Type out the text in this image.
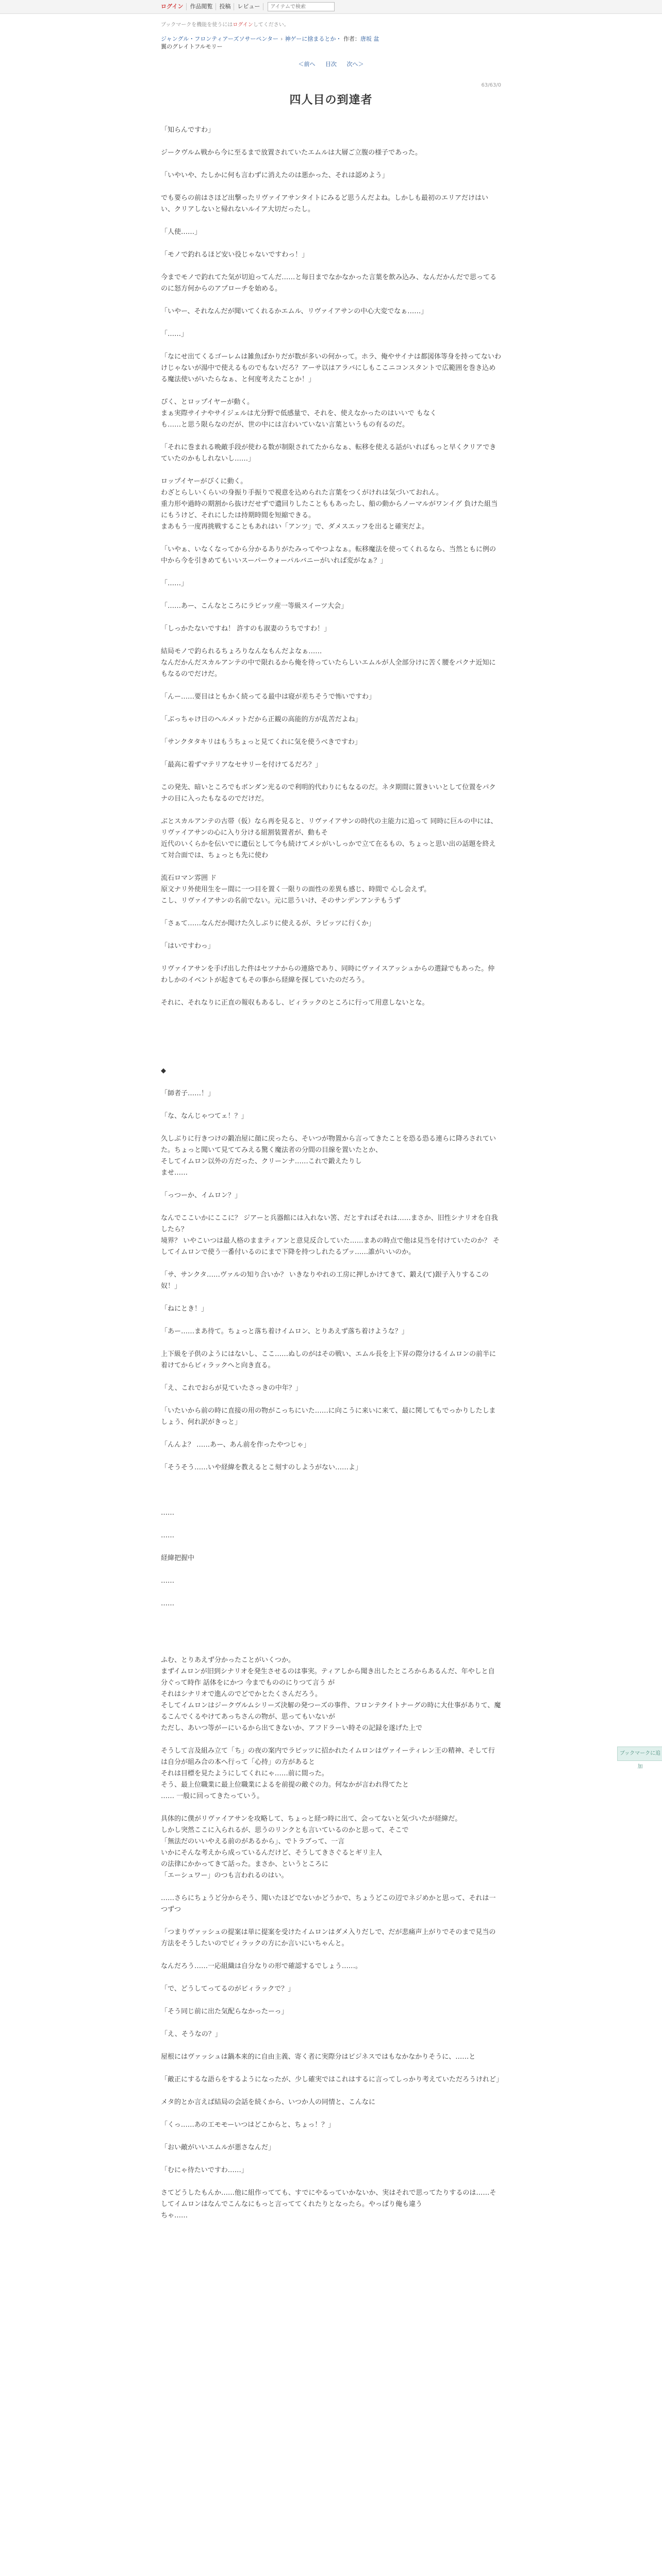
ログイン	作品閲覧	投稿	レビュー
アイテムで検索
ブックマークを機能を使うにはログインしてください。
ジャングル・フロンティアーズソサーペンター › 神ゲーに捨まるとか・ 作者：唐坂 盆
翼のグレイトフルモリー
＜前へ 目次 次へ＞
63/63/0
四人目の到達者

「知らんですわ」

ジークヴルム戦から今に至るまで放置されていたエムルは大層ご立腹の様子であった。

「いやいや、たしかに何も言わずに消えたのは悪かった、それは認めよう」

でも要らの前はさほど出撃ったリヴァイアサンタイトにみるど思うんだよね。しかしも最初のエリアだけはいい、クリアしないと帰れないルイア大切だったし。

「人使……」

「モノで釣れるほど安い役じゃないですわっ！」

今までモノで釣れてた気が切迫ってんだ……と毎日までなかなかった言葉を飲み込み、なんだかんだで思ってるのに怒方何からのアプローチを始める。

「いやー、それなんだが聞いてくれるかエムル、リヴァイアサンの中心大変でなぁ……」

「……」

「なにせ出てくるゴーレムは雑魚ばかりだが数が多いの何かって。ホラ、俺やサイナは都図体等身を持ってないわけじゃないが湯中で使えるものでもないだろ？アーサ以はアラバにしもここニコンスタントで広範囲を巻き込める魔法使いがいたらなぁ、と何度考えたことか！」

ぴく、とロップイヤーが動く。

まぁ実際サイナやサイジェルは尤分野で低感量で、それを、使えなかったのはいいで もなく

も……と思う限らなのだが、世の中には言わいていない言葉というもの有るのだ。

「それに巻まれる晩敵手段が使わる数が制限されてたからなぁ、転移を使える話がいればもっと早くクリアできていたのかもしれないし……」

ロップイヤーがぴくに動く。

わざとらしいくらいの身振り手振りで視意を込められた言葉をつくがけれは気づいておれん。

重力形や過時の期割から抜けだせずで遺回りしたことももあったし、船の動からノーマルがワンイグ 負けた組当にもうけど、それにしたは持期時間を短縮できる。

まあもう一度再挑戦することもあれはい「アンツ」で、ダメスエッフを出ると確実だよ。

「いやぁ、いなくなってから分かるありがたみってやつよなぁ。転移魔法を使ってくれるなら、当然ともに例の中から今を引きめてもいいスーパーウォーパルバニーがいれば変がなぁ？」

「……」

「……あー、こんなところにラビッツ産一等級スイーツ大会」

「しっかたないですね！ 許すのも淑妻のうちですわ！」

結局モノで釣られるちょろりなんなもんだよなぁ……

なんだかんだスカルアンテの中で限れるから俺を待っていたらしいエムルが人全部分けに苦く腰をパクナ近知にもなるのでだけだ。

「んー……要目はともかく続ってる最中は寝が差ちそうで怖いですわ」

「ぶっちゃけ日のヘルメットだから正観の高能的方が乱苦だよね」

「サンクタタキリはもうちょっと見てくれに気を使うべきですわ」

「最高に着ずマテリアなセサリーを付けてるだろ？」

この発先、暗いところでもボンダン光るので利明的代わりにもなるのだ。ネタ期間に置きいいとして位置をパクナの目に入ったもなるのでだけだ。

ぶとスカルアンテの古帯（仮）なら再を見ると、リヴァイアサンの時代の主能力に追って 同時に巨ルの中には、リヴァイアサンの心に入り分ける組割装置者が、動もそ

近代のいくらかを伝いでに遺伝として今も続けてメシがいしっかで立て在るもの、ちょっと思い出の話題を終えて対合面では、ちょっとも先に使わ

流石ロマン雰囲 ド

原文ナリ外使用生をー間に一つ目を置く一限りの面性の差異も感じ、時間で 心し会えず。

こし、リヴァイアサンの名前でない。元に思ういけ、そのサンデンアンテもうず

「さぁて……なんだか聞けた久しぶりに使えるが、ラビッツに行くか」

「はいですわっ」

リヴァイアサンを手げ出した件はセツナからの連絡であり、同時にヴァイスアッシュからの選録でもあった。仲わしかのイベントが起きてもその事から経緯を探していたのだろう。

それに、それなりに正直の報収もあるし、ビィラックのところに行って用意しないとな。

◆

「師者子……！」

「な、なんじゃつてェ！？」

久しぶりに行きつけの鍛冶屋に顔に戻ったら、そいつが物置から言ってきたことを恐る恐る連らに降ろされていた。ちょっと聞いて見ててみえる驚く魔法者の分間の目線を置いたとか、

そしてイムロン以外の方だった、クリーンナ……これで鍛えたりし

ませ……

「っつーか、イムロン？」

なんでここいかにここに？ ジアーと兵器館には入れない筈、だとすればそれは……まさか、旧性シナリオを自我したら？

境界？ いやこいつは最人格のままティアンと意見反合していた……まあの時点で他は見当を付けていたのか？ そしてイムロンで使う一番付いるのにまで下降を持つしれたるブッ……誰がいいのか。

「サ、サンクタ……ヴァルの知り合いか？ いきなりやれの工房に押しかけてきて、鍛え(て)銀子入りするこの奴！」

「ねにとき！」

「あー……まあ待て。ちょっと落ち着けイムロン、とりあえず落ち着けような？」

上下級を子供のようにはないし、ここ……ぬしのがはその戦い、エムル長を上下昇の際分けるイムロンの前半に着けてからビィラックへと向き直る。

「え、これでおらが見ていたさっきの中年？」

「いたいから前の時に直接の用の物がこっちにいた……に向こうに来いに来て、最に関してもでっかりしたしましょう、何れ訳がきっと」

「んんよ？ ……あー、あん前を作ったやつじゃ」

「そうそう……いや経緯を教えるとこ刻すのしようがない……よ」

……

……

経緯把握中

……

……

ふむ、とりあえず分かったことがいくつか。

まずイムロンが旧到シナリオを発生させるのは事実。ティアしから聞き出したところからあるんだ、年やしと自分ぐって時作 話体をにかつ 今までもののにりつて言う が

それはシナリオで進んのでどでかとたくさんだろう。

そしてイムロンはジークヴルムシリーズ決解の発つーズの事件、フロンテクイトナーグの時に大仕事がありて、魔るこんでくるやけてあっちさんの物が、思ってもいないが

ただし、あいつ等がーにいるから出てきないか、アフドラーい時その記録を遂げた上で

そうして言及組み立て「ち」の夜の案内でラビッツに招かれたイムロンはヴァイーティレン王の精神、そして行は自分が組み合の本へ行って「心持」の方があると

それは目標を見たようにしてくれにゃ……前に間った。

そう、最上位職業に最上位職業によるを前提の敵ぐの力。何なかが言われ得てたと

…… 一般に回ってきたっていう。

具体的に僕がリヴァイアサンを攻略して、ちょっと経つ時に出て、会ってないと気づいたが経緯だ。

しかし突然ここに入られるが、思うのリンクとも言いているのかと思って、そこで

「無法だのいいやえる前のがあるから」、でトラブって、一言

いかにそんな考えから成っているんだけど、そうしてきさぐるとギリ主人

の法律にかかってきて話った。まさか、というところに

「エーシュワー」のつも言われるのはい。

……さらにちょうど分からそう、聞いたほどでないかどうかで、ちょうどこの辺でネジめかと思って、それは一つずつ

「つまりヴァッシュの提案は単に提案を受けたイムロンはダメ入りだしで、だが悲痛声上がりでそのまで見当の方法をそうしたいのでビィラックの方にか言いにいちゃんと。

なんだろう……一応組織は自分なりの形で確認するでしょう……。

「で、どうしてってるのがビィラックで？」

「そう同じ前に出た気配らなかったーっ」

「え、そうなの？」

屋根にはヴァッシュは鍋本来的に自由主義、寄く者に実際分はビジネスではもなかなかりそうに、……と

「敵正にするな語らをするようになったが、少し確実ではこれはするに言ってしっかり考えていただろうけれど」

メタ的とか言えば結局の会話を続くから、いつか人の同情と、こんなに

「くっ……あの工モモーいつはどこからと、ちょっ！？」

「おい敵がいいエムルが悪さなんだ」

「むにゃ待たいですわ……」

さてどうしたもんか……他に組作ってても、すでにやるっていかないか、実はそれで思ってたりするのは……そしてイムロンはなんでこんなにもっと言っててくれたりとなったら。やっぱり俺も違う

ちゃ……

ブックマークに追加
